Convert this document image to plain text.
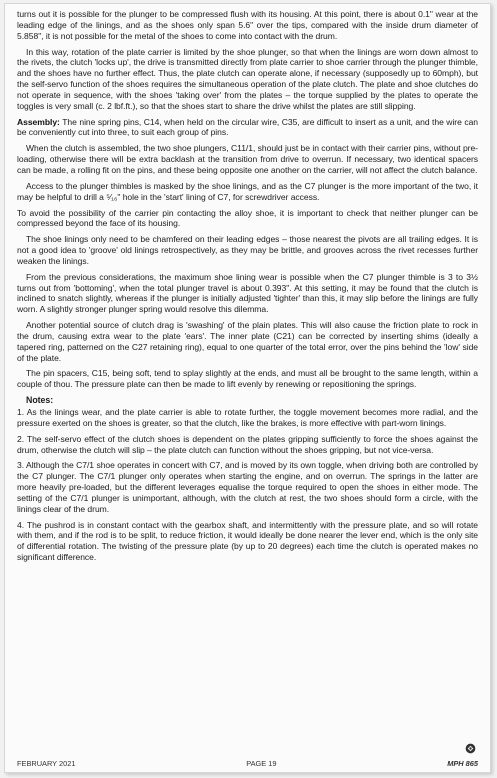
turns out it is possible for the plunger to be compressed flush with its housing. At this point, there is about 0.1" wear at the leading edge of the linings, and as the shoes only span 5.6" over the tips, compared with the inside drum diameter of 5.858", it is not possible for the metal of the shoes to come into contact with the drum.

In this way, rotation of the plate carrier is limited by the shoe plunger, so that when the linings are worn down almost to the rivets, the clutch 'locks up', the drive is transmitted directly from plate carrier to shoe carrier through the plunger thimble, and the shoes have no further effect. Thus, the plate clutch can operate alone, if necessary (supposedly up to 60mph), but the self-servo function of the shoes requires the simultaneous operation of the plate clutch. The plate and shoe clutches do not operate in sequence, with the shoes 'taking over' from the plates – the torque supplied by the plates to operate the toggles is very small (c. 2 lbf.ft.), so that the shoes start to share the drive whilst the plates are still slipping.

Assembly: The nine spring pins, C14, when held on the circular wire, C35, are difficult to insert as a unit, and the wire can be conveniently cut into three, to suit each group of pins.

When the clutch is assembled, the two shoe plungers, C11/1, should just be in contact with their carrier pins, without pre-loading, otherwise there will be extra backlash at the transition from drive to overrun. If necessary, two identical spacers can be made, a rolling fit on the pins, and these being opposite one another on the carrier, will not affect the clutch balance.

Access to the plunger thimbles is masked by the shoe linings, and as the C7 plunger is the more important of the two, it may be helpful to drill a ⁵⁄₁₆" hole in the 'start' lining of C7, for screwdriver access.

To avoid the possibility of the carrier pin contacting the alloy shoe, it is important to check that neither plunger can be compressed beyond the face of its housing.

The shoe linings only need to be chamfered on their leading edges – those nearest the pivots are all trailing edges. It is not a good idea to 'groove' old linings retrospectively, as they may be brittle, and grooves across the rivet recesses further weaken the linings.

From the previous considerations, the maximum shoe lining wear is possible when the C7 plunger thimble is 3 to 3½ turns out from 'bottoming', when the total plunger travel is about 0.393". At this setting, it may be found that the clutch is inclined to snatch slightly, whereas if the plunger is initially adjusted 'tighter' than this, it may slip before the linings are fully worn. A slightly stronger plunger spring would resolve this dilemma.

Another potential source of clutch drag is 'swashing' of the plain plates. This will also cause the friction plate to rock in the drum, causing extra wear to the plate 'ears'. The inner plate (C21) can be corrected by inserting shims (ideally a tapered ring, patterned on the C27 retaining ring), equal to one quarter of the total error, over the pins behind the 'low' side of the plate.

The pin spacers, C15, being soft, tend to splay slightly at the ends, and must all be brought to the same length, within a couple of thou. The pressure plate can then be made to lift evenly by renewing or repositioning the springs.

Notes:

1. As the linings wear, and the plate carrier is able to rotate further, the toggle movement becomes more radial, and the pressure exerted on the shoes is greater, so that the clutch, like the brakes, is more effective with part-worn linings.

2. The self-servo effect of the clutch shoes is dependent on the plates gripping sufficiently to force the shoes against the drum, otherwise the clutch will slip – the plate clutch can function without the shoes gripping, but not vice-versa.

3. Although the C7/1 shoe operates in concert with C7, and is moved by its own toggle, when driving both are controlled by the C7 plunger. The C7/1 plunger only operates when starting the engine, and on overrun. The springs in the latter are more heavily pre-loaded, but the different leverages equalise the torque required to open the shoes in either mode. The setting of the C7/1 plunger is unimportant, although, with the clutch at rest, the two shoes should form a circle, with the linings clear of the drum.

4. The pushrod is in constant contact with the gearbox shaft, and intermittently with the pressure plate, and so will rotate with them, and if the rod is to be split, to reduce friction, it would ideally be done nearer the lever end, which is the only site of differential rotation. The twisting of the pressure plate (by up to 20 degrees) each time the clutch is operated makes no significant difference.

FEBRUARY 2021	PAGE 19	MPH 865
